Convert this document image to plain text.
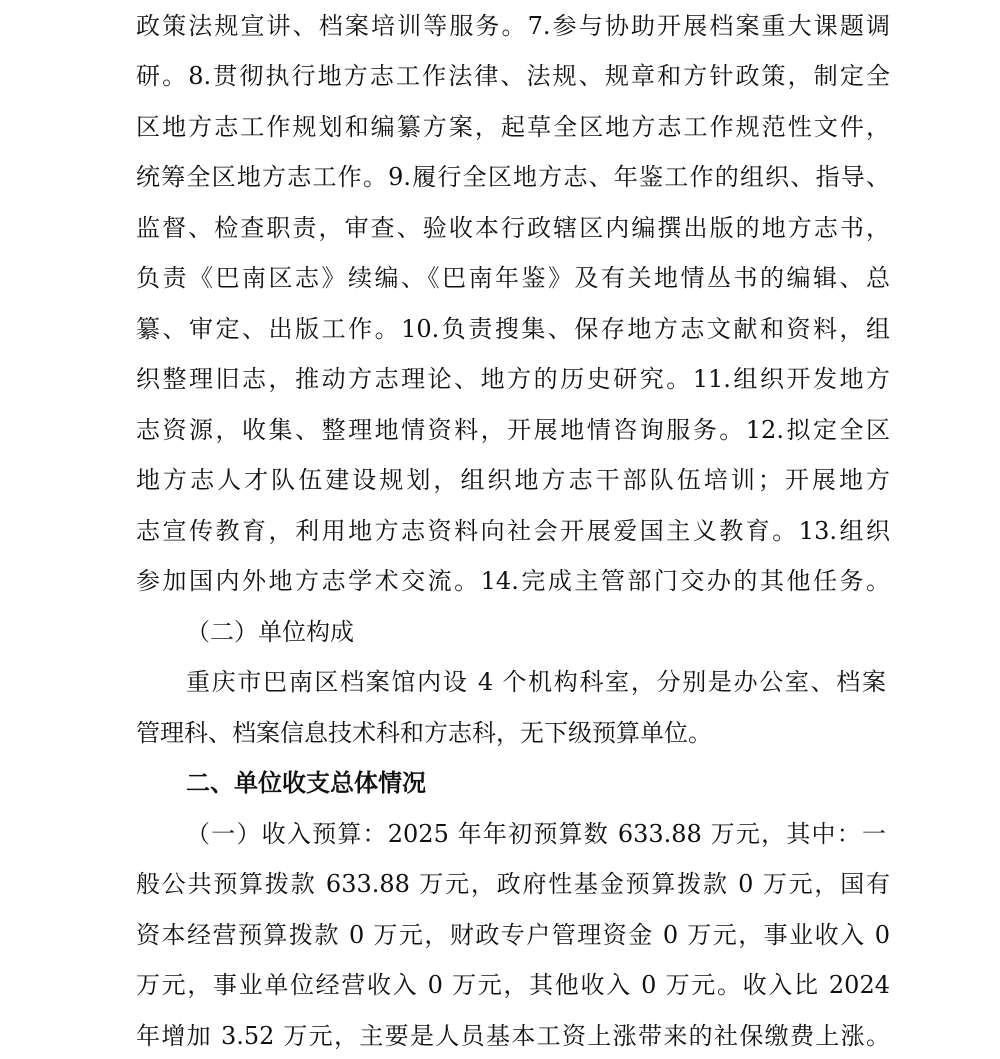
政策法规宣讲、档案培训等服务。7.参与协助开展档案重大课题调
研。8.贯彻执行地方志工作法律、法规、规章和方针政策，制定全
区地方志工作规划和编纂方案，起草全区地方志工作规范性文件，
统筹全区地方志工作。9.履行全区地方志、年鉴工作的组织、指导、
监督、检查职责，审查、验收本行政辖区内编撰出版的地方志书，
负责《巴南区志》续编、《巴南年鉴》及有关地情丛书的编辑、总
纂、审定、出版工作。10.负责搜集、保存地方志文献和资料，组
织整理旧志，推动方志理论、地方的历史研究。11.组织开发地方
志资源，收集、整理地情资料，开展地情咨询服务。12.拟定全区
地方志人才队伍建设规划，组织地方志干部队伍培训；开展地方
志宣传教育，利用地方志资料向社会开展爱国主义教育。13.组织
参加国内外地方志学术交流。14.完成主管部门交办的其他任务。
（二）单位构成
重庆市巴南区档案馆内设 4 个机构科室，分别是办公室、档案
管理科、档案信息技术科和方志科，无下级预算单位。
二、单位收支总体情况
（一）收入预算：2025 年年初预算数 633.88 万元，其中：一
般公共预算拨款 633.88 万元，政府性基金预算拨款 0 万元，国有
资本经营预算拨款 0 万元，财政专户管理资金 0 万元，事业收入 0
万元，事业单位经营收入 0 万元，其他收入 0 万元。收入比 2024
年增加 3.52 万元，主要是人员基本工资上涨带来的社保缴费上涨。
